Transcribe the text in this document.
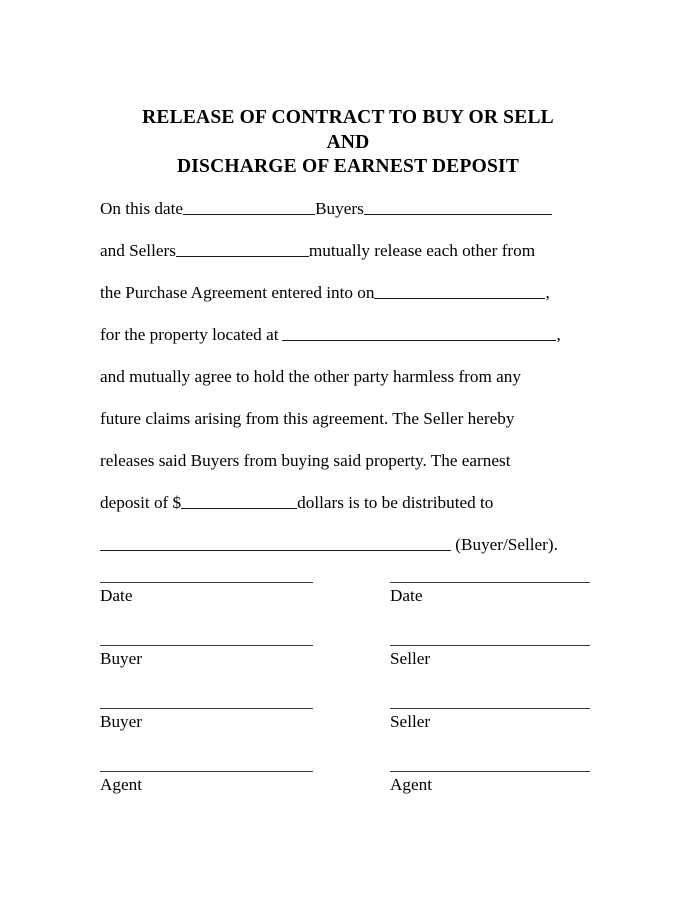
RELEASE OF CONTRACT TO BUY OR SELL
AND
DISCHARGE OF EARNEST DEPOSIT
On this date	Buyers
and Sellers	mutually release each other from
the Purchase Agreement entered into on	,
for the property located at	,
and mutually agree to hold the other party harmless from any
future claims arising from this agreement. The Seller hereby
releases said Buyers from buying said property. The earnest
deposit of $	dollars is to be distributed to
(Buyer/Seller).
Date	Date
Buyer	Seller
Buyer	Seller
Agent	Agent
